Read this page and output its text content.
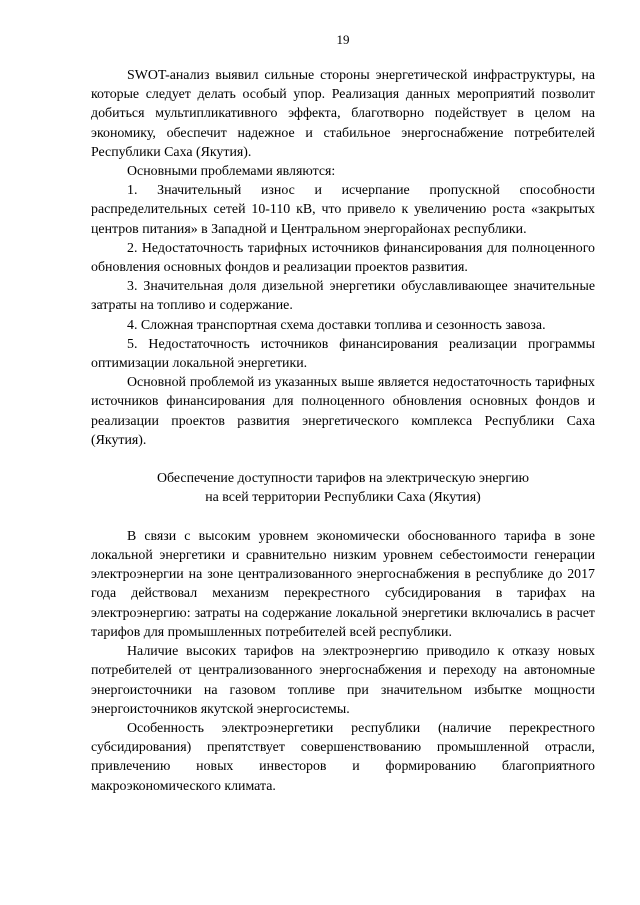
19

SWOT-анализ выявил сильные стороны энергетической инфраструктуры, на которые следует делать особый упор. Реализация данных мероприятий позволит добиться мультипликативного эффекта, благотворно подействует в целом на экономику, обеспечит надежное и стабильное энергоснабжение потребителей Республики Саха (Якутия).

Основными проблемами являются:

1. Значительный износ и исчерпание пропускной способности распределительных сетей 10-110 кВ, что привело к увеличению роста «закрытых центров питания» в Западной и Центральном энергорайонах республики.

2. Недостаточность тарифных источников финансирования для полноценного обновления основных фондов и реализации проектов развития.

3. Значительная доля дизельной энергетики обуславливающее значительные затраты на топливо и содержание.

4. Сложная транспортная схема доставки топлива и сезонность завоза.

5. Недостаточность источников финансирования реализации программы оптимизации локальной энергетики.

Основной проблемой из указанных выше является недостаточность тарифных источников финансирования для полноценного обновления основных фондов и реализации проектов развития энергетического комплекса Республики Саха (Якутия).

Обеспечение доступности тарифов на электрическую энергию
на всей территории Республики Саха (Якутия)

В связи с высоким уровнем экономически обоснованного тарифа в зоне локальной энергетики и сравнительно низким уровнем себестоимости генерации электроэнергии на зоне централизованного энергоснабжения в республике до 2017 года действовал механизм перекрестного субсидирования в тарифах на электроэнергию: затраты на содержание локальной энергетики включались в расчет тарифов для промышленных потребителей всей республики.

Наличие высоких тарифов на электроэнергию приводило к отказу новых потребителей от централизованного энергоснабжения и переходу на автономные энергоисточники на газовом топливе при значительном избытке мощности энергоисточников якутской энергосистемы.

Особенность электроэнергетики республики (наличие перекрестного субсидирования) препятствует совершенствованию промышленной отрасли, привлечению новых инвесторов и формированию благоприятного макроэкономического климата.
